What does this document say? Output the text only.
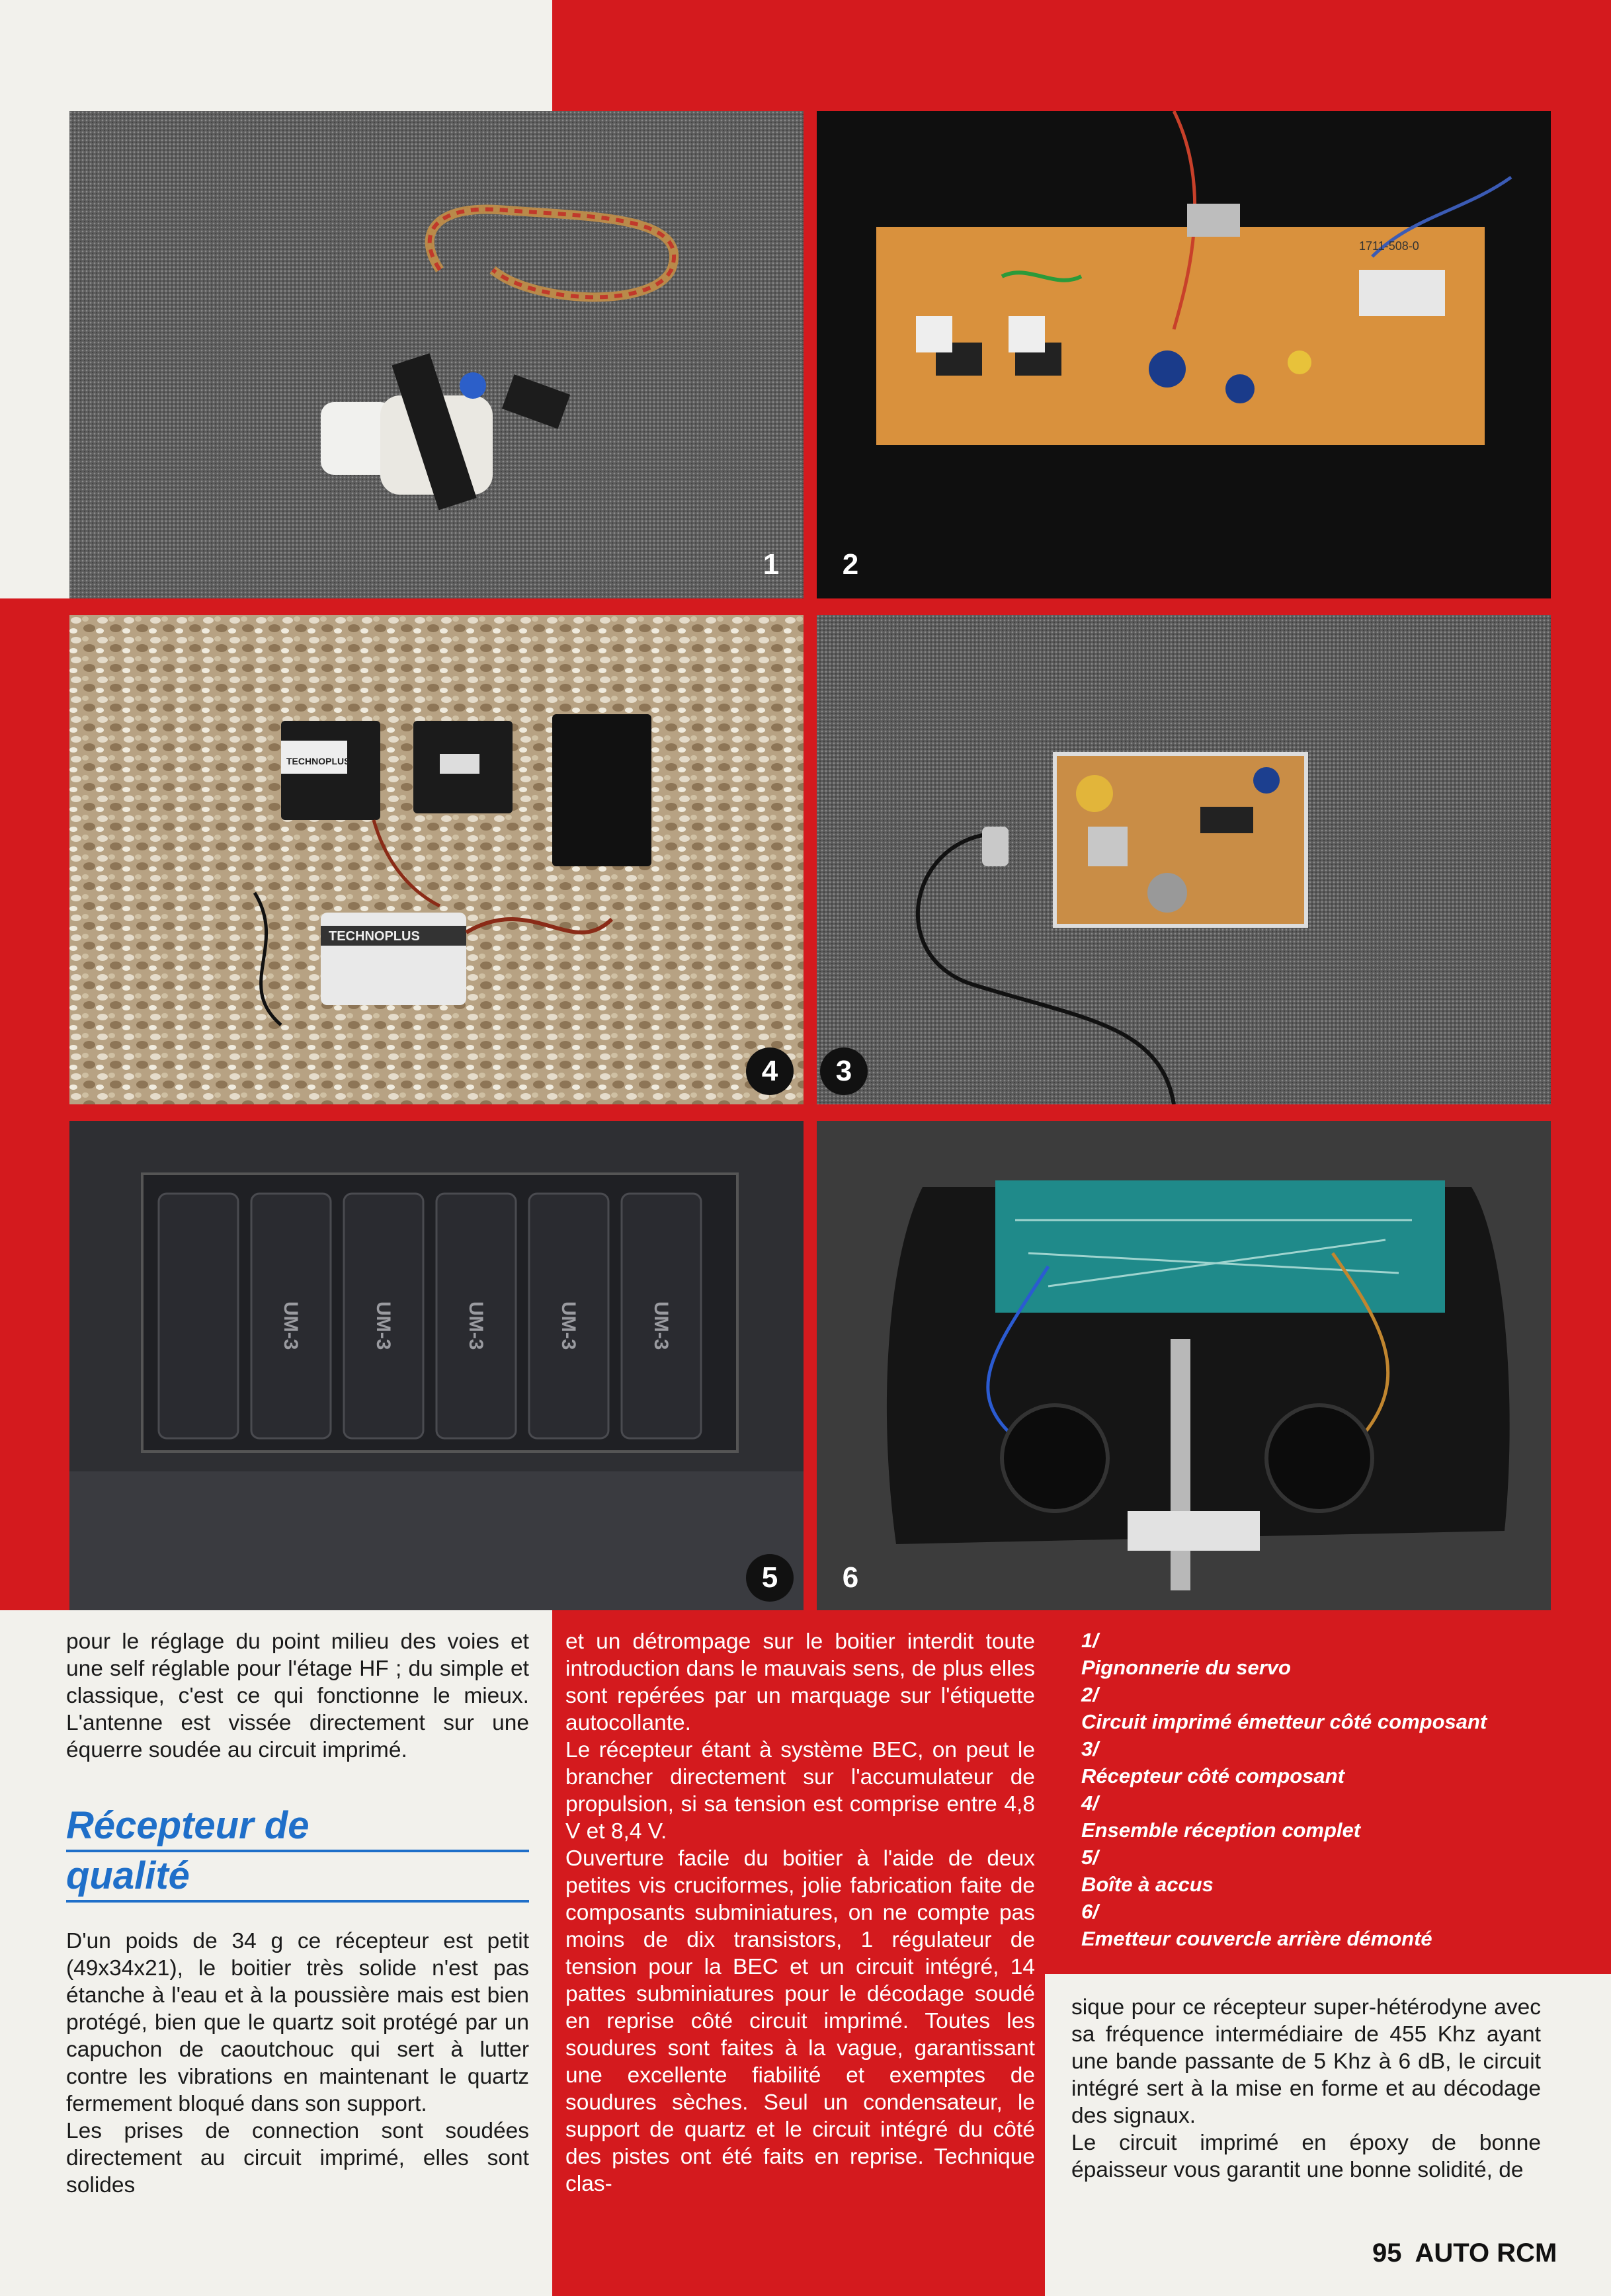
1
1711-508-0
2
TECHNOPLUS
TECHNOPLUS
4	3
UM-3	UM-3	UM-3	UM-3	UM-3
5	6

pour le réglage du point milieu des voies et une self réglable pour l'étage HF ; du simple et classique, c'est ce qui fonctionne le mieux. L'antenne est vissée directement sur une équerre soudée au circuit imprimé.

Récepteur de
qualité

D'un poids de 34 g ce récepteur est petit (49x34x21), le boitier très solide n'est pas étanche à l'eau et à la poussière mais est bien protégé, bien que le quartz soit protégé par un capuchon de caoutchouc qui sert à lutter contre les vibrations en maintenant le quartz fermement bloqué dans son support.

Les prises de connection sont soudées directement au circuit imprimé, elles sont solides

et un détrompage sur le boitier interdit toute introduction dans le mauvais sens, de plus elles sont repérées par un marquage sur l'étiquette autocollante.

Le récepteur étant à système BEC, on peut le brancher directement sur l'accumulateur de propulsion, si sa tension est comprise entre 4,8 V et 8,4 V.

Ouverture facile du boitier à l'aide de deux petites vis cruciformes, jolie fabrication faite de composants subminiatures, on ne compte pas moins de dix transistors, 1 régulateur de tension pour la BEC et un circuit intégré, 14 pattes subminiatures pour le décodage soudé en reprise côté circuit imprimé. Toutes les soudures sont faites à la vague, garantissant une excellente fiabilité et exemptes de soudures sèches. Seul un condensateur, le support de quartz et le circuit intégré du côté des pistes ont été faits en reprise. Technique clas-

1/
Pignonnerie du servo
2/
Circuit imprimé émetteur côté composant
3/
Récepteur côté composant
4/
Ensemble réception complet
5/
Boîte à accus
6/
Emetteur couvercle arrière démonté

sique pour ce récepteur super-hétérodyne avec sa fréquence intermédiaire de 455 Khz ayant une bande passante de 5 Khz à 6 dB, le circuit intégré sert à la mise en forme et au décodage des signaux.

Le circuit imprimé en époxy de bonne épaisseur vous garantit une bonne solidité, de

95 AUTO RCM
